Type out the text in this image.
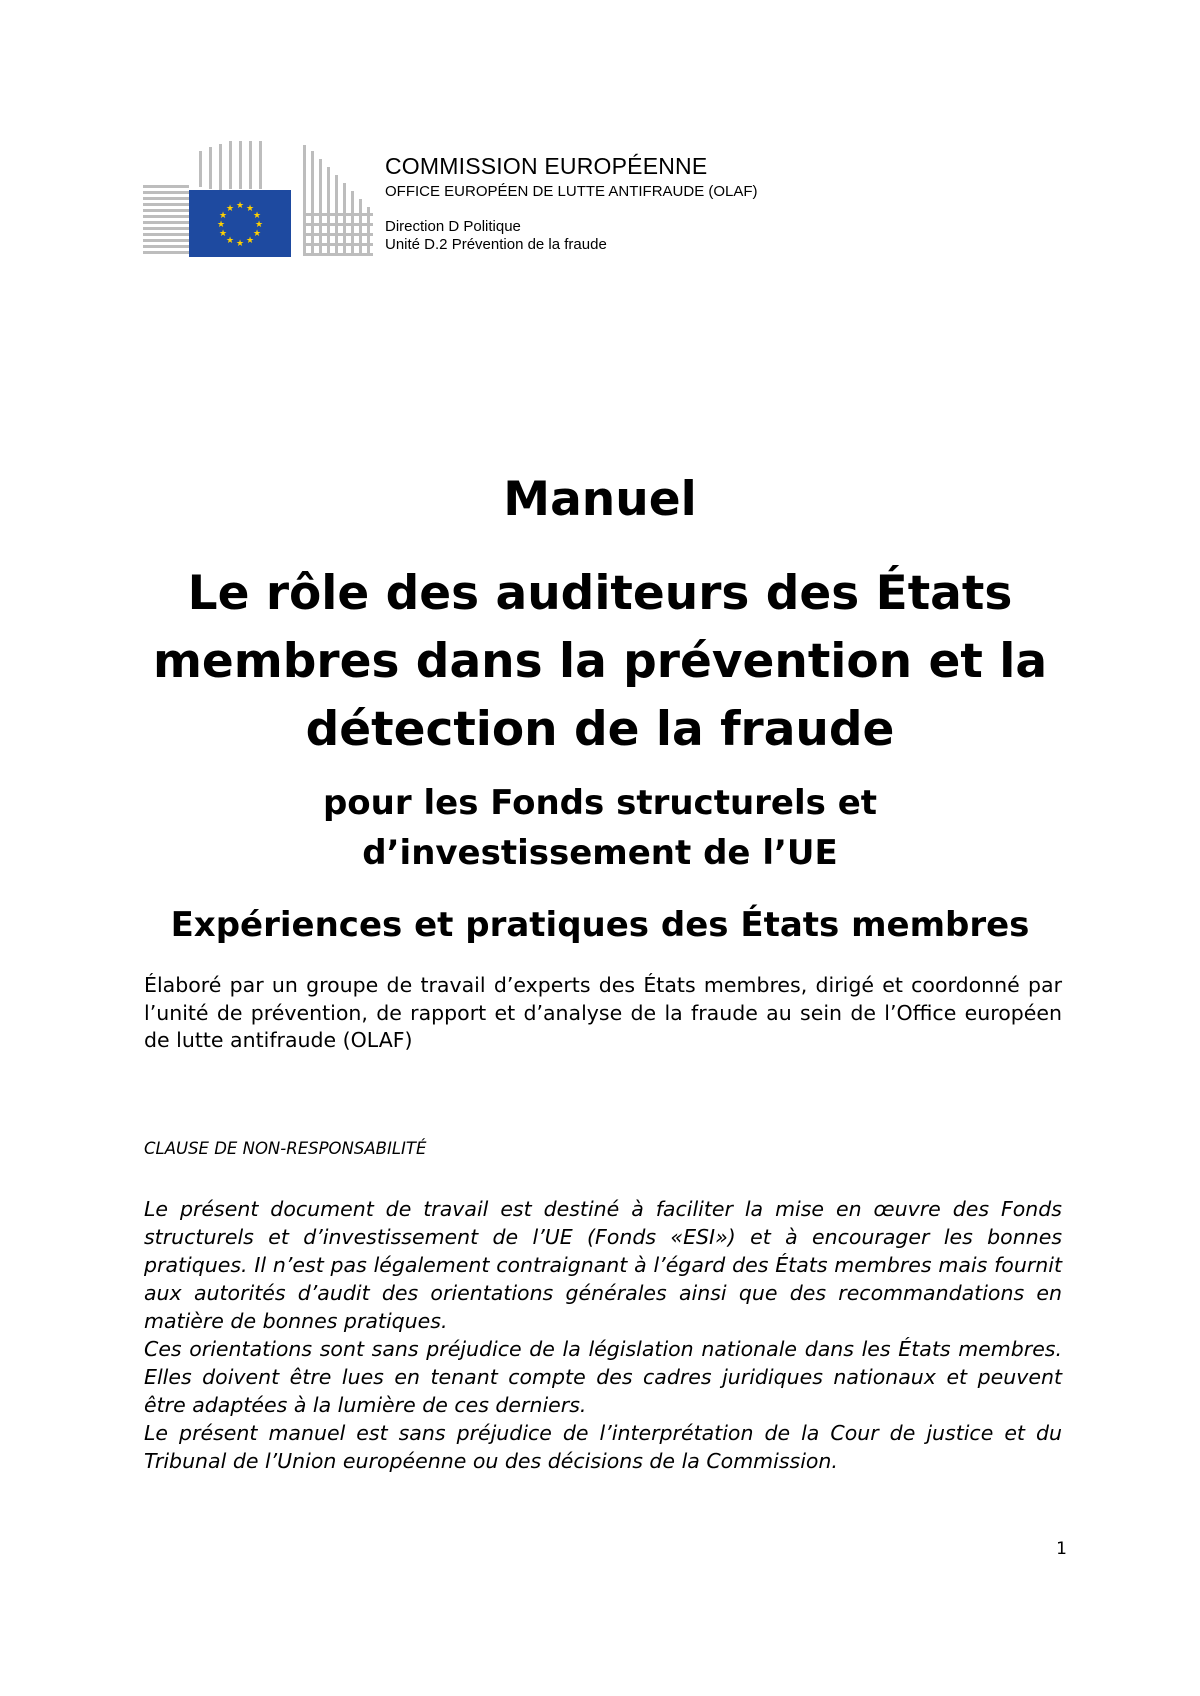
★ ★
★
★
★
★
★
★
★
★
★
★
COMMISSION EUROPÉENNE
OFFICE EUROPÉEN DE LUTTE ANTIFRAUDE (OLAF)
Direction D Politique
Unité D.2 Prévention de la fraude
Manuel
Le rôle des auditeurs des États membres dans la prévention et la détection de la fraude
pour les Fonds structurels et
d’investissement de l’UE
Expériences et pratiques des États membres
Élaboré par un groupe de travail d’experts des États membres, dirigé et coordonné par l’unité de prévention, de rapport et d’analyse de la fraude au sein de l’Office européen de lutte antifraude (OLAF)
CLAUSE DE NON-RESPONSABILITÉ

Le présent document de travail est destiné à faciliter la mise en œuvre des Fonds structurels et d’investissement de l’UE (Fonds «ESI») et à encourager les bonnes pratiques. Il n’est pas légalement contraignant à l’égard des États membres mais fournit aux autorités d’audit des orientations générales ainsi que des recommandations en matière de bonnes pratiques.

Ces orientations sont sans préjudice de la législation nationale dans les États membres. Elles doivent être lues en tenant compte des cadres juridiques nationaux et peuvent être adaptées à la lumière de ces derniers.

Le présent manuel est sans préjudice de l’interprétation de la Cour de justice et du Tribunal de l’Union européenne ou des décisions de la Commission.

1
